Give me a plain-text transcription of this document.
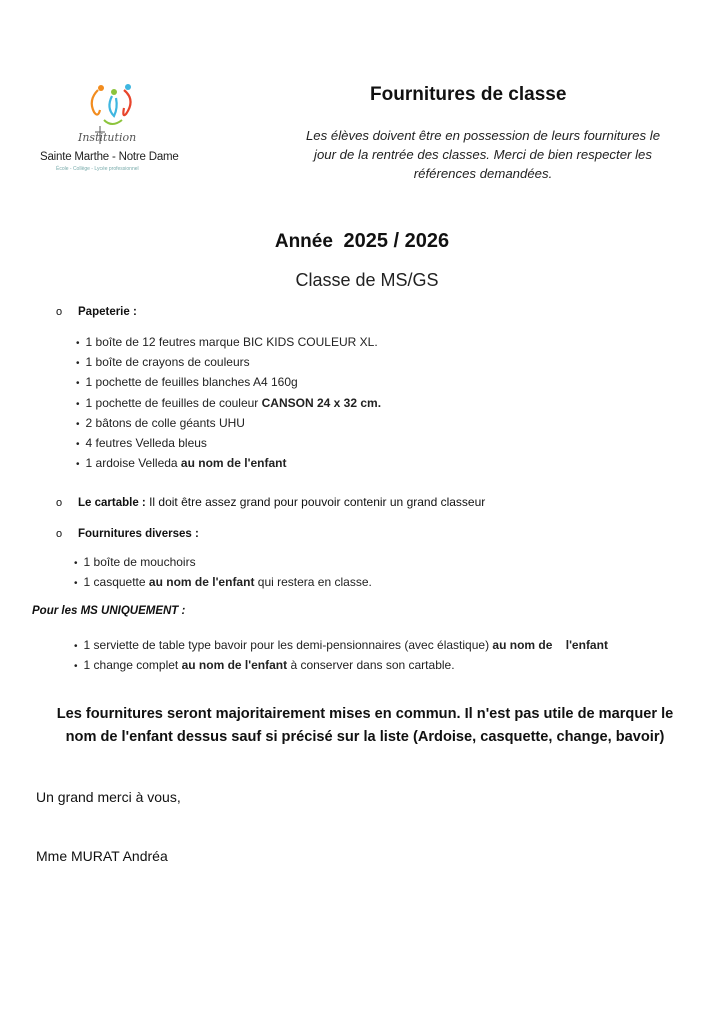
Institution
Sainte Marthe - Notre Dame
École - Collège - Lycée professionnel
Fournitures de classe
Les élèves doivent être en possession de leurs fournitures le
jour de la rentrée des classes. Merci de bien respecter les
références demandées.
Année 2025 / 2026
Classe de MS/GS
o Papeterie :
• 1 boîte de 12 feutres marque BIC KIDS COULEUR XL.
• 1 boîte de crayons de couleurs
• 1 pochette de feuilles blanches A4 160g
• 1 pochette de feuilles de couleur CANSON 24 x 32 cm.
• 2 bâtons de colle géants UHU
• 4 feutres Velleda bleus
• 1 ardoise Velleda au nom de l'enfant
o Le cartable : Il doit être assez grand pour pouvoir contenir un grand classeur
o Fournitures diverses :
• 1 boîte de mouchoirs
• 1 casquette au nom de l'enfant qui restera en classe.
Pour les MS UNIQUEMENT :
• 1 serviette de table type bavoir pour les demi-pensionnaires (avec élastique) au nom de    l'enfant
• 1 change complet au nom de l'enfant à conserver dans son cartable.
Les fournitures seront majoritairement mises en commun. Il n'est pas utile de marquer le
nom de l'enfant dessus sauf si précisé sur la liste (Ardoise, casquette, change, bavoir)
Un grand merci à vous,
Mme MURAT Andréa
